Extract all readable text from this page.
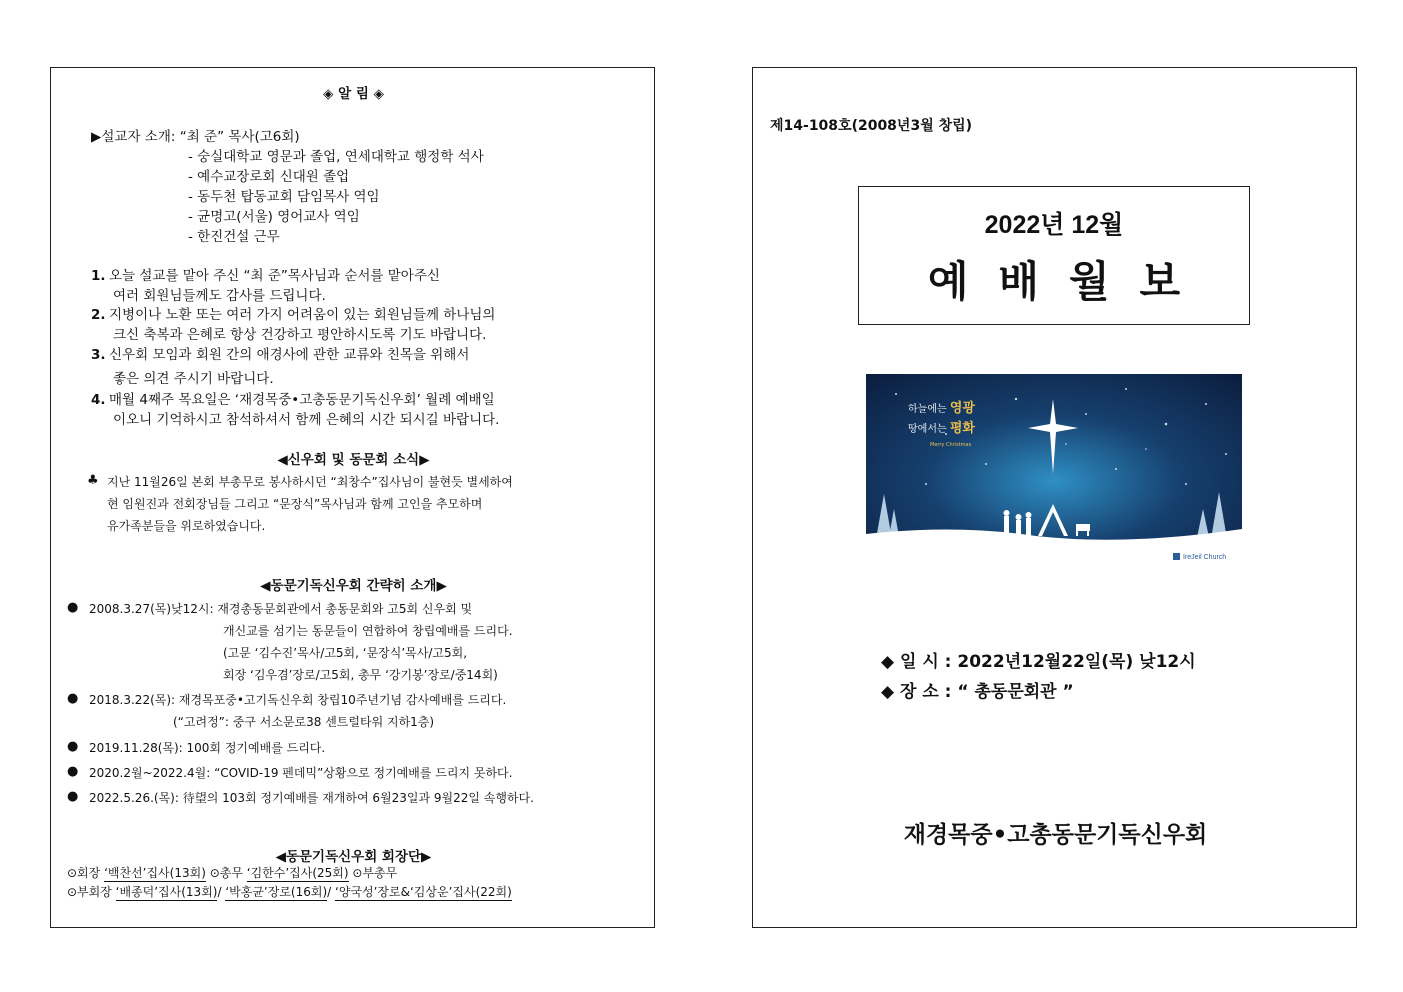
◈ 알 림 ◈
▶설교자 소개: “최 준” 목사(고6회)
- 숭실대학교 영문과 졸업, 연세대학교 행정학 석사
- 예수교장로회 신대원 졸업
- 동두천 탑동교회 담임목사 역임
- 균명고(서울) 영어교사 역임
- 한진건설 근무
1. 오늘 설교를 맡아 주신 “최 준”목사님과 순서를 맡아주신
여러 회원님들께도 감사를 드립니다.
2. 지병이나 노환 또는 여러 가지 어려움이 있는 회원님들께 하나님의
크신 축복과 은혜로 항상 건강하고 평안하시도록 기도 바랍니다.
3. 신우회 모임과 회원 간의 애경사에 관한 교류와 친목을 위해서
좋은 의견 주시기 바랍니다.
4. 매월 4째주 목요일은 ‘재경목중•고총동문기독신우회’ 월례 예배일
이오니 기억하시고 참석하셔서 함께 은혜의 시간 되시길 바랍니다.
◀신우회 및 동문회 소식▶
♣ 지난 11월26일 본회 부총무로 봉사하시던 “최창수”집사님이 불현듯 별세하여
현 임원진과 전회장님들 그리고 “문장식”목사님과 함께 고인을 추모하며
유가족분들을 위로하였습니다.
◀동문기독신우회 간략히 소개▶
● 2008.3.27(목)낮12시: 재경총동문회관에서 총동문회와 고5회 신우회 및
개신교를 섬기는 동문들이 연합하여 창립예배를 드리다.
(고문 ‘김수진’목사/고5회, ‘문장식’목사/고5회,
회장 ‘김우겸’장로/고5회, 총무 ‘강기봉’장로/중14회)
● 2018.3.22(목): 재경목포중•고기독신우회 창립10주년기념 감사예배를 드리다.
(“고려정”: 중구 서소문로38 센트럴타워 지하1층)
● 2019.11.28(목): 100회 정기예배를 드리다.
● 2020.2월~2022.4월: “COVID-19 펜데믹”상황으로 정기예배를 드리지 못하다.
● 2022.5.26.(목): 待望의 103회 정기예배를 재개하여 6월23일과 9월22일 속행하다.
◀동문기독신우회 회장단▶
⊙회장 ‘백찬선’집사(13회) ⊙총무 ‘김한수’집사(25회) ⊙부총무
⊙부회장 ‘배종덕’집사(13회)/ ‘박홍균’장로(16회)/ ‘양국성’장로&‘김상운’집사(22회)
제14-108호(2008년3월 창립)
2022년 12월
예배월보
하늘에는 영광
땅에서는 평화
Merry Christmas
IreJeil Church
◆ 일 시 : 2022년12월22일(목) 낮12시
◆ 장 소 : “ 총동문회관 ”
재경목중•고총동문기독신우회
